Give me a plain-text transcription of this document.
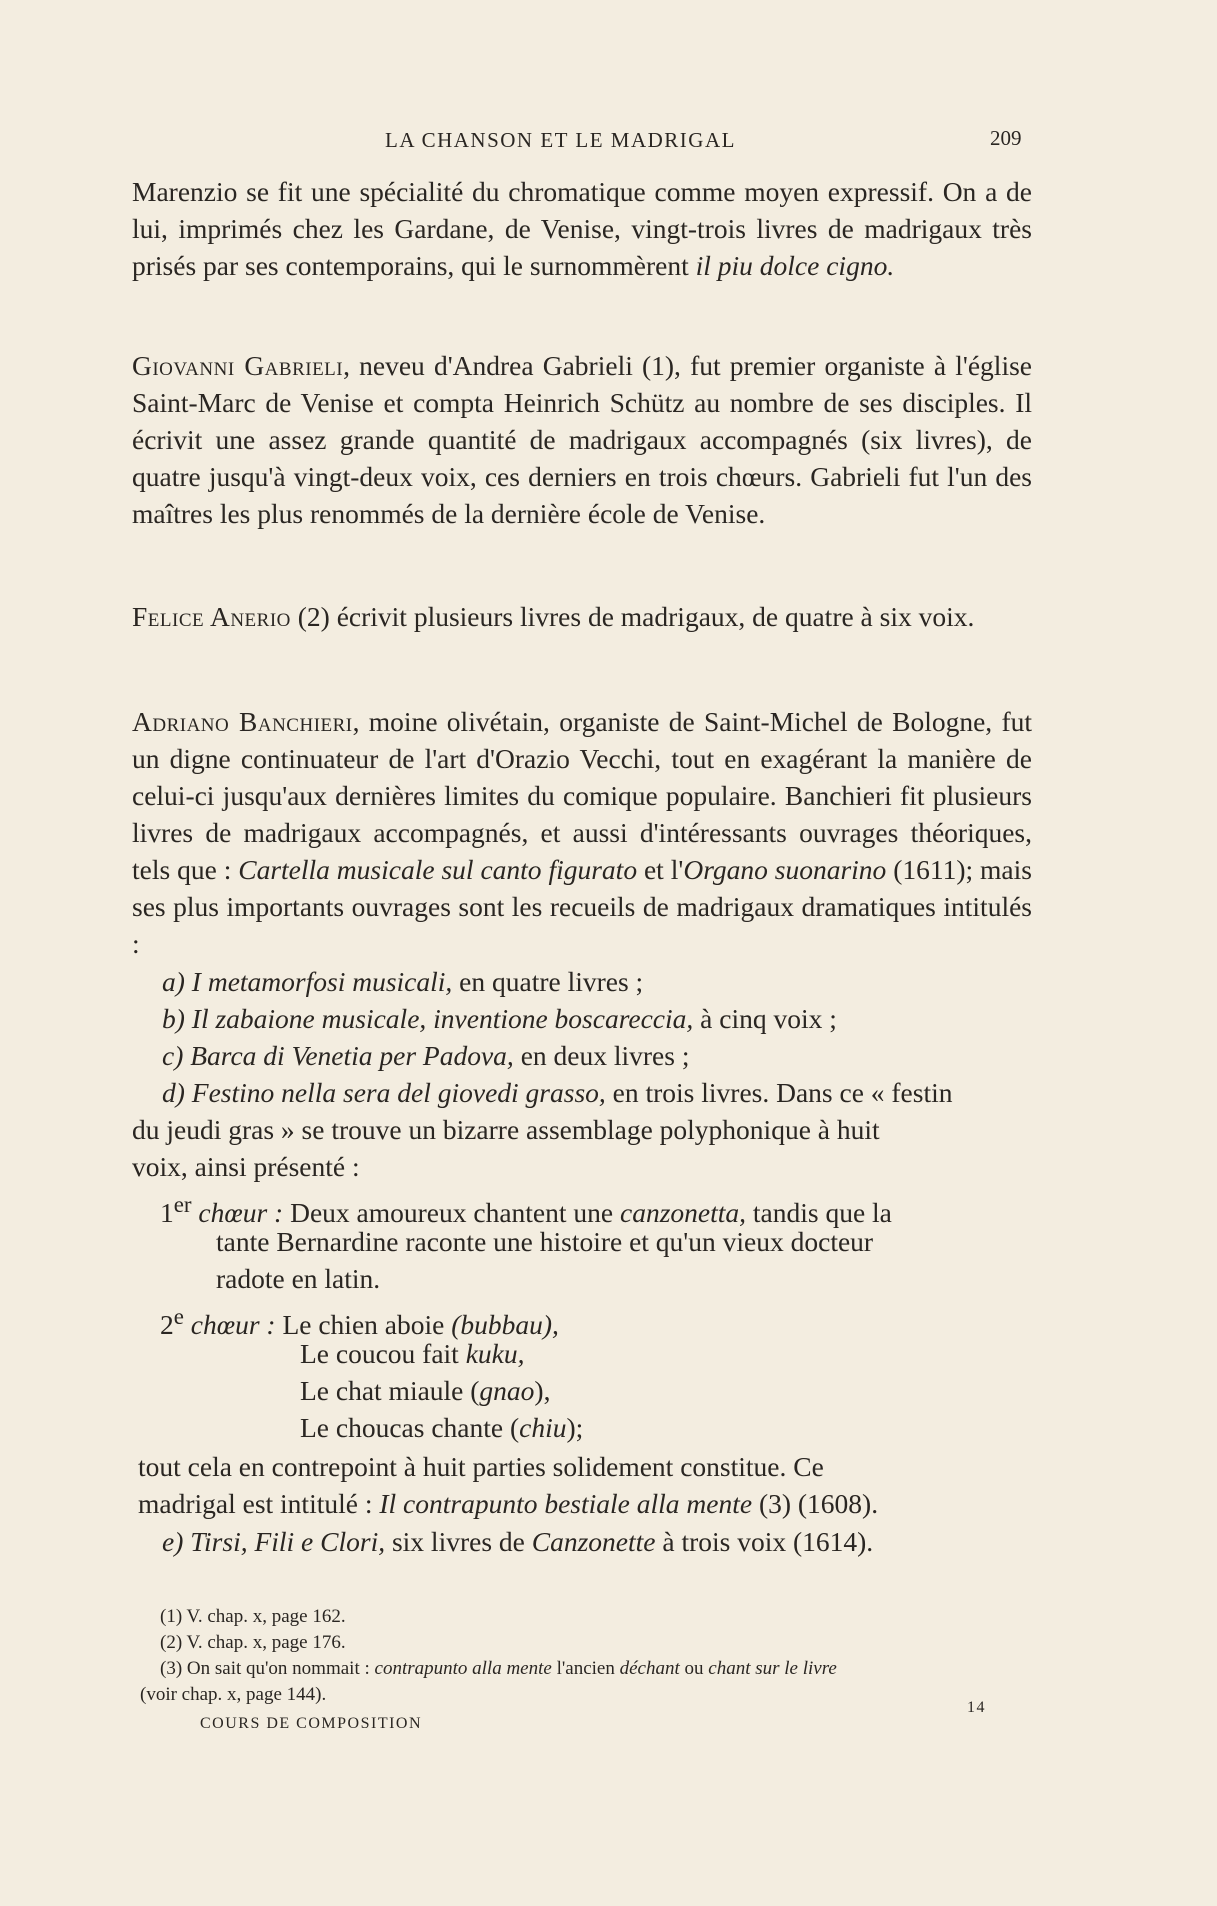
LA CHANSON ET LE MADRIGAL	209

Marenzio se fit une spécialité du chromatique comme moyen expressif. On a de lui, imprimés chez les Gardane, de Venise, vingt-trois livres de madrigaux très prisés par ses contemporains, qui le surnommèrent il piu dolce cigno.

Giovanni Gabrieli, neveu d'Andrea Gabrieli (1), fut premier organiste à l'église Saint-Marc de Venise et compta Heinrich Schütz au nombre de ses disciples. Il écrivit une assez grande quantité de madrigaux accompagnés (six livres), de quatre jusqu'à vingt-deux voix, ces derniers en trois chœurs. Gabrieli fut l'un des maîtres les plus renommés de la dernière école de Venise.

Felice Anerio (2) écrivit plusieurs livres de madrigaux, de quatre à six voix.

Adriano Banchieri, moine olivétain, organiste de Saint-Michel de Bologne, fut un digne continuateur de l'art d'Orazio Vecchi, tout en exagérant la manière de celui-ci jusqu'aux dernières limites du comique populaire. Banchieri fit plusieurs livres de madrigaux accompagnés, et aussi d'intéressants ouvrages théoriques, tels que : Cartella musicale sul canto figurato et l'Organo suonarino (1611); mais ses plus importants ouvrages sont les recueils de madrigaux dramatiques intitulés :

a) I metamorfosi musicali, en quatre livres ;
b) Il zabaione musicale, inventione boscareccia, à cinq voix ;
c) Barca di Venetia per Padova, en deux livres ;
d) Festino nella sera del giovedi grasso, en trois livres. Dans ce « festin
du jeudi gras » se trouve un bizarre assemblage polyphonique à huit
voix, ainsi présenté :
1er chœur : Deux amoureux chantent une canzonetta, tandis que la
tante Bernardine raconte une histoire et qu'un vieux docteur
radote en latin.
2e chœur : Le chien aboie (bubbau),
Le coucou fait kuku,
Le chat miaule (gnao),
Le choucas chante (chiu);
tout cela en contrepoint à huit parties solidement constitue. Ce
madrigal est intitulé : Il contrapunto bestiale alla mente (3) (1608).
e) Tirsi, Fili e Clori, six livres de Canzonette à trois voix (1614).
(1) V. chap. x, page 162.
(2) V. chap. x, page 176.
(3) On sait qu'on nommait : contrapunto alla mente l'ancien déchant ou chant sur le livre
(voir chap. x, page 144).
COURS DE COMPOSITION
14
